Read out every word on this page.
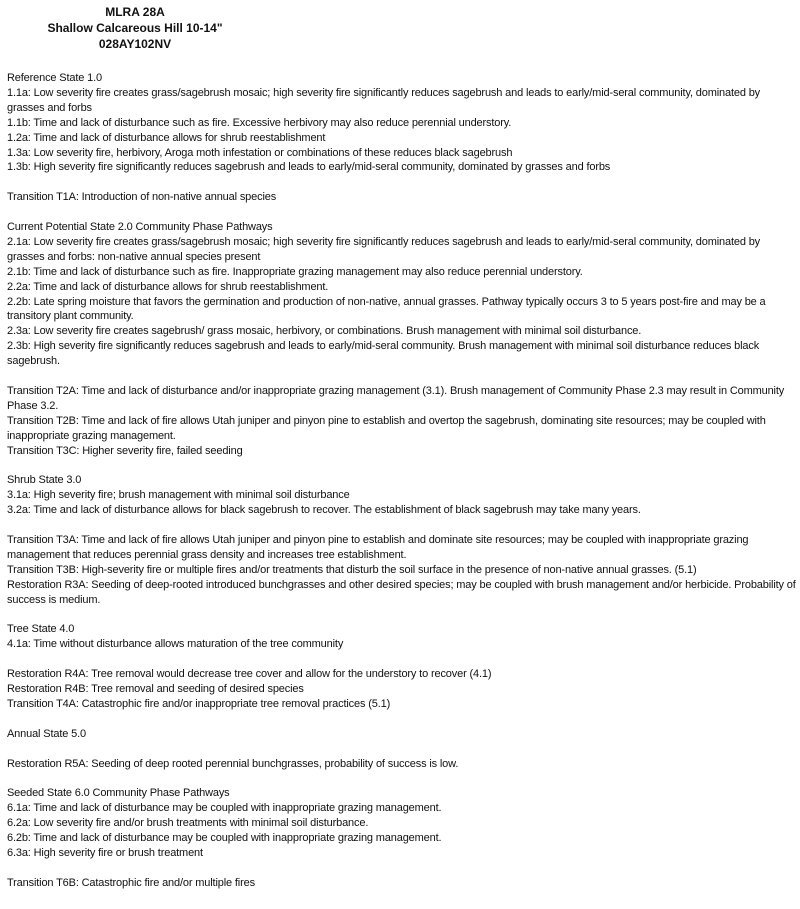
MLRA 28A
Shallow Calcareous Hill 10-14"
028AY102NV
Reference State 1.0
1.1a: Low severity fire creates grass/sagebrush mosaic; high severity fire significantly reduces sagebrush and leads to early/mid-seral community, dominated by grasses and forbs
1.1b: Time and lack of disturbance such as fire. Excessive herbivory may also reduce perennial understory.
1.2a: Time and lack of disturbance allows for shrub reestablishment
1.3a: Low severity fire, herbivory, Aroga moth infestation or combinations of these reduces black sagebrush
1.3b: High severity fire significantly reduces sagebrush and leads to early/mid-seral community, dominated by grasses and forbs
Transition T1A: Introduction of non-native annual species
Current Potential State 2.0 Community Phase Pathways
2.1a: Low severity fire creates grass/sagebrush mosaic; high severity fire significantly reduces sagebrush and leads to early/mid-seral community, dominated by grasses and forbs: non-native annual species present
2.1b: Time and lack of disturbance such as fire. Inappropriate grazing management may also reduce perennial understory.
2.2a: Time and lack of disturbance allows for shrub reestablishment.
2.2b: Late spring moisture that favors the germination and production of non-native, annual grasses. Pathway typically occurs 3 to 5 years post-fire and may be a transitory plant community.
2.3a: Low severity fire creates sagebrush/ grass mosaic, herbivory, or combinations. Brush management with minimal soil disturbance.
2.3b: High severity fire significantly reduces sagebrush and leads to early/mid-seral community. Brush management with minimal soil disturbance reduces black sagebrush.
Transition T2A: Time and lack of disturbance and/or inappropriate grazing management (3.1). Brush management of Community Phase 2.3 may result in Community Phase 3.2.
Transition T2B: Time and lack of fire allows Utah juniper and pinyon pine to establish and overtop the sagebrush, dominating site resources; may be coupled with inappropriate grazing management.
Transition T3C: Higher severity fire, failed seeding
Shrub State 3.0
3.1a: High severity fire; brush management with minimal soil disturbance
3.2a: Time and lack of disturbance allows for black sagebrush to recover. The establishment of black sagebrush may take many years.
Transition T3A: Time and lack of fire allows Utah juniper and pinyon pine to establish and dominate site resources; may be coupled with inappropriate grazing management that reduces perennial grass density and increases tree establishment.
Transition T3B: High-severity fire or multiple fires and/or treatments that disturb the soil surface in the presence of non-native annual grasses. (5.1)
Restoration R3A: Seeding of deep-rooted introduced bunchgrasses and other desired species; may be coupled with brush management and/or herbicide. Probability of success is medium.
Tree State 4.0
4.1a: Time without disturbance allows maturation of the tree community
Restoration R4A: Tree removal would decrease tree cover and allow for the understory to recover (4.1)
Restoration R4B: Tree removal and seeding of desired species
Transition T4A: Catastrophic fire and/or inappropriate tree removal practices (5.1)
Annual State 5.0
Restoration R5A: Seeding of deep rooted perennial bunchgrasses, probability of success is low.
Seeded State 6.0 Community Phase Pathways
6.1a: Time and lack of disturbance may be coupled with inappropriate grazing management.
6.2a: Low severity fire and/or brush treatments with minimal soil disturbance.
6.2b: Time and lack of disturbance may be coupled with inappropriate grazing management.
6.3a: High severity fire or brush treatment
Transition T6B: Catastrophic fire and/or multiple fires
